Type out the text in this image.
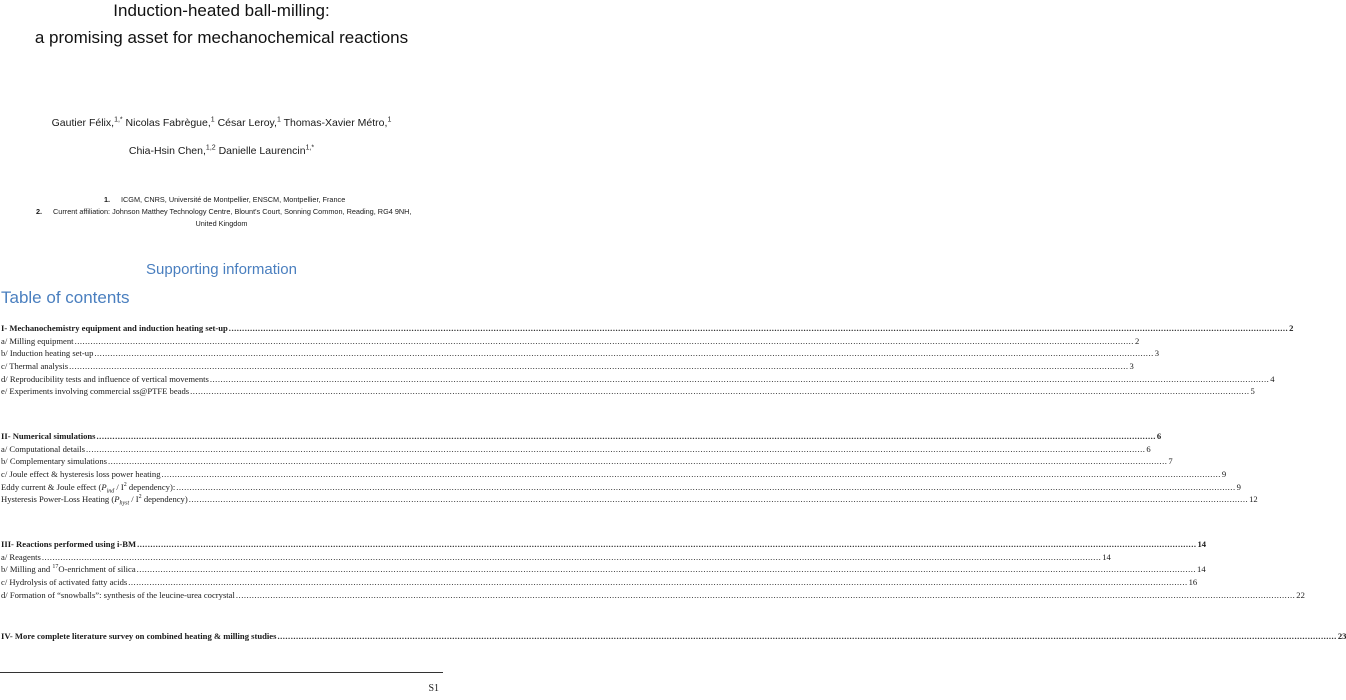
Induction-heated ball-milling:
a promising asset for mechanochemical reactions
Gautier Félix,$^{1,*}$ Nicolas Fabrègue,$^1$ César Leroy,$^1$ Thomas-Xavier Métro,$^1$
Chia-Hsin Chen,$^{1,2}$ Danielle Laurencin$^{1,*}$
1. ICGM, CNRS, Université de Montpellier, ENSCM, Montpellier, France
2. Current affiliation: Johnson Matthey Technology Centre, Blount's Court, Sonning Common, Reading, RG4 9NH,
United Kingdom
Supporting information
Table of contents
I- Mechanochemistry equipment and induction heating set-up ................................................................................................................................................................................................................................................................................................................................................................................................................ 2
a/ Milling equipment ................................................................................................................................................................................................................................................................................................................................................................................................................ 2
b/ Induction heating set-up ................................................................................................................................................................................................................................................................................................................................................................................................................ 3
c/ Thermal analysis ................................................................................................................................................................................................................................................................................................................................................................................................................ 3
d/ Reproducibility tests and influence of vertical movements ................................................................................................................................................................................................................................................................................................................................................................................................................ 4
e/ Experiments involving commercial ss@PTFE beads ................................................................................................................................................................................................................................................................................................................................................................................................................ 5
II- Numerical simulations ................................................................................................................................................................................................................................................................................................................................................................................................................ 6
a/ Computational details ................................................................................................................................................................................................................................................................................................................................................................................................................ 6
b/ Complementary simulations ................................................................................................................................................................................................................................................................................................................................................................................................................ 7
c/ Joule effect & hysteresis loss power heating ................................................................................................................................................................................................................................................................................................................................................................................................................ 9
Eddy current & Joule effect ($P_{ind} / I^2$ dependency): ................................................................................................................................................................................................................................................................................................................................................................................................................ 9
Hysteresis Power-Loss Heating ($P_{hyst} / I^2$ dependency) ................................................................................................................................................................................................................................................................................................................................................................................................................ 12
III- Reactions performed using i-BM ................................................................................................................................................................................................................................................................................................................................................................................................................ 14
a/ Reagents ................................................................................................................................................................................................................................................................................................................................................................................................................ 14
b/ Milling and $^{17}$O-enrichment of silica ................................................................................................................................................................................................................................................................................................................................................................................................................ 14
c/ Hydrolysis of activated fatty acids ................................................................................................................................................................................................................................................................................................................................................................................................................ 16
d/ Formation of “snowballs”: synthesis of the leucine-urea cocrystal ................................................................................................................................................................................................................................................................................................................................................................................................................ 22
IV- More complete literature survey on combined heating & milling studies ................................................................................................................................................................................................................................................................................................................................................................................................................ 23
S1
